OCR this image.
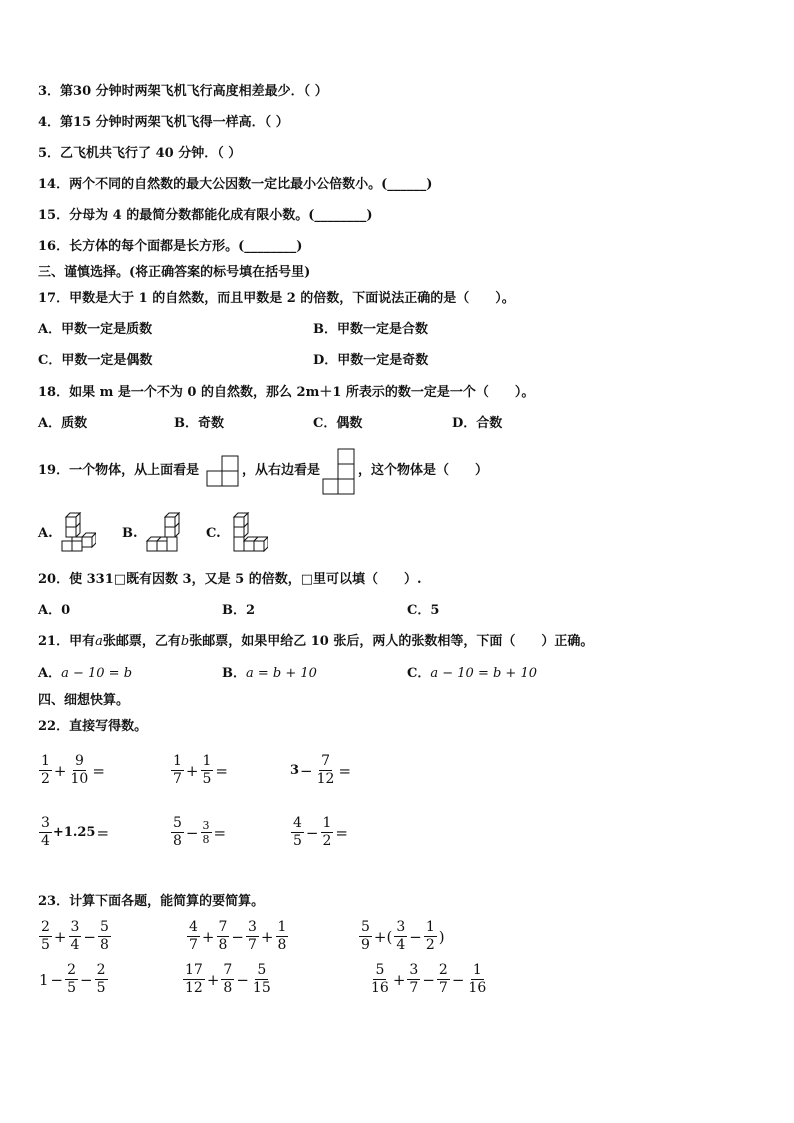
3．第30 分钟时两架飞机飞行高度相差最少．（ ）
4．第15 分钟时两架飞机飞得一样高．（ ）
5．乙飞机共飞行了 40 分钟．（ ）
14．两个不同的自然数的最大公因数一定比最小公倍数小。(______)
15．分母为 4 的最简分数都能化成有限小数。(________)
16．长方体的每个面都是长方形。(________)
三、谨慎选择。(将正确答案的标号填在括号里)
17．甲数是大于 1 的自然数，而且甲数是 2 的倍数，下面说法正确的是（　　）。
A．甲数一定是质数	B．甲数一定是合数
C．甲数一定是偶数	D．甲数一定是奇数
18．如果 m 是一个不为 0 的自然数，那么 2m＋1 所表示的数一定是一个（　　）。
A．质数	B．奇数	C．偶数	D．合数
19．一个物体，从上面看是	，从右边看是	，这个物体是（　　）
A.	B.	C.
20．使 331□既有因数 3，又是 5 的倍数，□里可以填（　　）.
A．0	B．2	C．5
21．甲有a张邮票，乙有b张邮票，如果甲给乙 10 张后，两人的张数相等，下面（　　）正确。
A．a − 10 = b	B．a = b + 10	C．a − 10 = b + 10
四、细想快算。
22．直接写得数。
$\frac{1}{2} + \frac{9}{10}$ =	$\frac{1}{7} + \frac{1}{5}$ =	$3 - \frac{7}{12}$ =
$\frac{3}{4} +1.25$ =	$\frac{5}{8} - \frac{3}{8}$ =	$\frac{4}{5} - \frac{1}{2}$ =
23．计算下面各题，能简算的要简算。
$\frac{2}{5} + \frac{3}{4} - \frac{5}{8}$	$\frac{4}{7} + \frac{7}{8} - \frac{3}{7} + \frac{1}{8}$	$\frac{5}{9}$ +( $\frac{3}{4} - \frac{1}{2}$ )
$1 - \frac{2}{5} - \frac{2}{5}$	$\frac{17}{12} + \frac{7}{8} - \frac{5}{15}$	$\frac{5}{16} + \frac{3}{7} - \frac{2}{7} - \frac{1}{16}$
